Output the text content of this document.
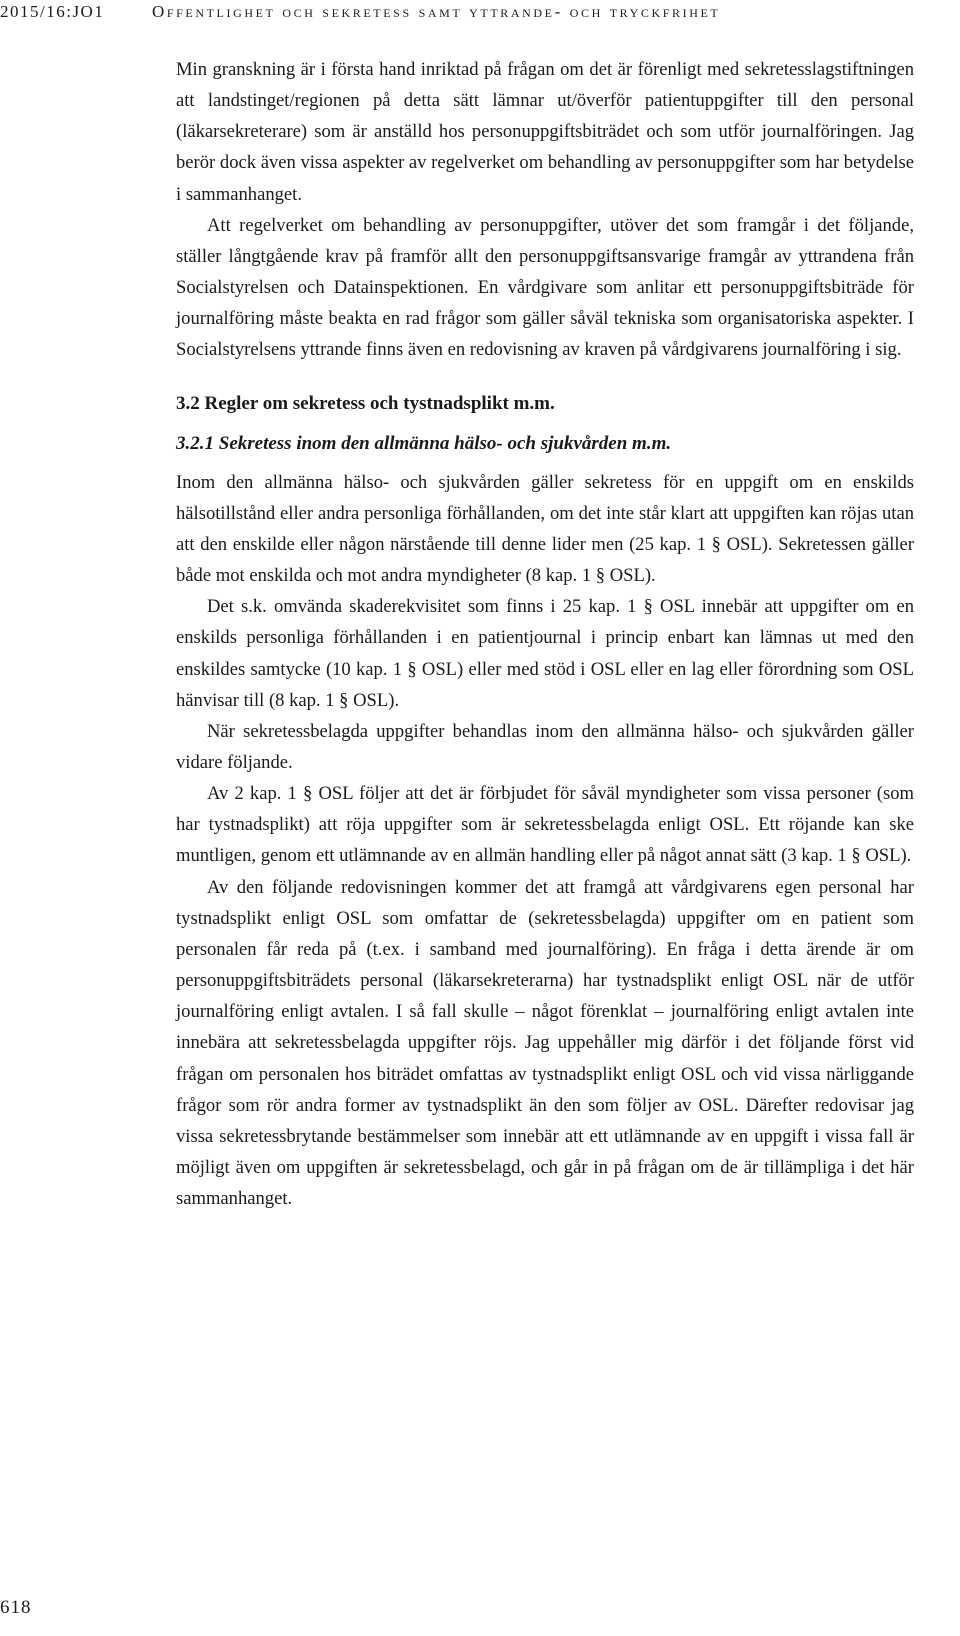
2015/16:JO1	Offentlighet och sekretess samt yttrande- och tryckfrihet

Min granskning är i första hand inriktad på frågan om det är förenligt med sekretesslagstiftningen att landstinget/regionen på detta sätt lämnar ut/överför patientuppgifter till den personal (läkarsekreterare) som är anställd hos personuppgiftsbiträdet och som utför journalföringen. Jag berör dock även vissa aspekter av regelverket om behandling av personuppgifter som har betydelse i sammanhanget.

Att regelverket om behandling av personuppgifter, utöver det som framgår i det följande, ställer långtgående krav på framför allt den personuppgiftsansvarige framgår av yttrandena från Socialstyrelsen och Datainspektionen. En vårdgivare som anlitar ett personuppgiftsbiträde för journalföring måste beakta en rad frågor som gäller såväl tekniska som organisatoriska aspekter. I Socialstyrelsens yttrande finns även en redovisning av kraven på vårdgivarens journalföring i sig.

3.2 Regler om sekretess och tystnadsplikt m.m.
3.2.1 Sekretess inom den allmänna hälso- och sjukvården m.m.

Inom den allmänna hälso- och sjukvården gäller sekretess för en uppgift om en enskilds hälsotillstånd eller andra personliga förhållanden, om det inte står klart att uppgiften kan röjas utan att den enskilde eller någon närstående till denne lider men (25 kap. 1 § OSL). Sekretessen gäller både mot enskilda och mot andra myndigheter (8 kap. 1 § OSL).

Det s.k. omvända skaderekvisitet som finns i 25 kap. 1 § OSL innebär att uppgifter om en enskilds personliga förhållanden i en patientjournal i princip enbart kan lämnas ut med den enskildes samtycke (10 kap. 1 § OSL) eller med stöd i OSL eller en lag eller förordning som OSL hänvisar till (8 kap. 1 § OSL).

När sekretessbelagda uppgifter behandlas inom den allmänna hälso- och sjukvården gäller vidare följande.

Av 2 kap. 1 § OSL följer att det är förbjudet för såväl myndigheter som vissa personer (som har tystnadsplikt) att röja uppgifter som är sekretessbelagda enligt OSL. Ett röjande kan ske muntligen, genom ett utlämnande av en allmän handling eller på något annat sätt (3 kap. 1 § OSL).

Av den följande redovisningen kommer det att framgå att vårdgivarens egen personal har tystnadsplikt enligt OSL som omfattar de (sekretessbelagda) uppgifter om en patient som personalen får reda på (t.ex. i samband med journalföring). En fråga i detta ärende är om personuppgiftsbiträdets personal (läkarsekreterarna) har tystnadsplikt enligt OSL när de utför journalföring enligt avtalen. I så fall skulle – något förenklat – journalföring enligt avtalen inte innebära att sekretessbelagda uppgifter röjs. Jag uppehåller mig därför i det följande först vid frågan om personalen hos biträdet omfattas av tystnadsplikt enligt OSL och vid vissa närliggande frågor som rör andra former av tystnadsplikt än den som följer av OSL. Därefter redovisar jag vissa sekretessbrytande bestämmelser som innebär att ett utlämnande av en uppgift i vissa fall är möjligt även om uppgiften är sekretessbelagd, och går in på frågan om de är tillämpliga i det här sammanhanget.

618
